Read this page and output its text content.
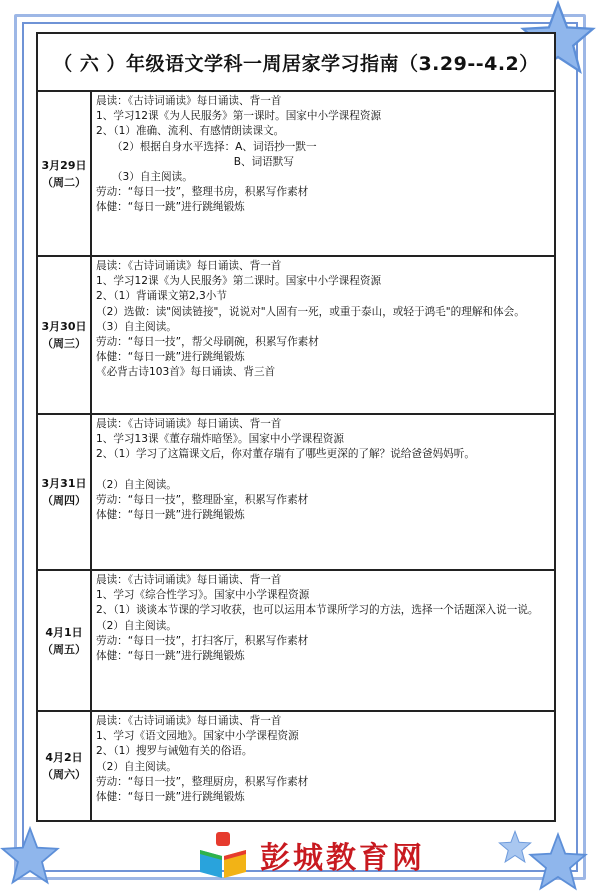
（ 六 ）年级语文学科一周居家学习指南（3.29--4.2）
3月29日
（周二）
晨读：《古诗词诵读》每日诵读、背一首
1、学习12课《为人民服务》第一课时。国家中小学课程资源
2、（1）准确、流利、有感情朗读课文。
　　（2）根据自身水平选择：A、词语抄一默一
　　　　　　　　　　　　　B、词语默写
　　（3）自主阅读。
劳动：“每日一技”，整理书房，积累写作素材
体健：“每日一跳”进行跳绳锻炼
3月30日
（周三）
晨读：《古诗词诵读》每日诵读、背一首
1、学习12课《为人民服务》第二课时。国家中小学课程资源
2、（1）背诵课文第2,3小节
（2）选做：读"阅读链接"，说说对"人固有一死，或重于泰山，或轻于鸿毛"的理解和体会。
（3）自主阅读。
劳动：“每日一技”，帮父母刷碗，积累写作素材
体健：“每日一跳”进行跳绳锻炼
《必背古诗103首》每日诵读、背三首
3月31日
（周四）
晨读：《古诗词诵读》每日诵读、背一首
1、学习13课《董存瑞炸暗堡》。国家中小学课程资源
2、（1）学习了这篇课文后，你对董存瑞有了哪些更深的了解？说给爸爸妈妈听。
（2）自主阅读。
劳动：“每日一技”，整理卧室，积累写作素材
体健：“每日一跳”进行跳绳锻炼
4月1日
（周五）
晨读：《古诗词诵读》每日诵读、背一首
1、学习《综合性学习》。国家中小学课程资源
2、（1）谈谈本节课的学习收获，也可以运用本节课所学习的方法，选择一个话题深入说一说。
（2）自主阅读。
劳动：“每日一技”，打扫客厅，积累写作素材
体健：“每日一跳”进行跳绳锻炼
4月2日
（周六）
晨读：《古诗词诵读》每日诵读、背一首
1、学习《语文园地》。国家中小学课程资源
2、（1）搜罗与诫勉有关的俗语。
（2）自主阅读。
劳动：“每日一技”，整理厨房，积累写作素材
体健：“每日一跳”进行跳绳锻炼
彭城教育网
